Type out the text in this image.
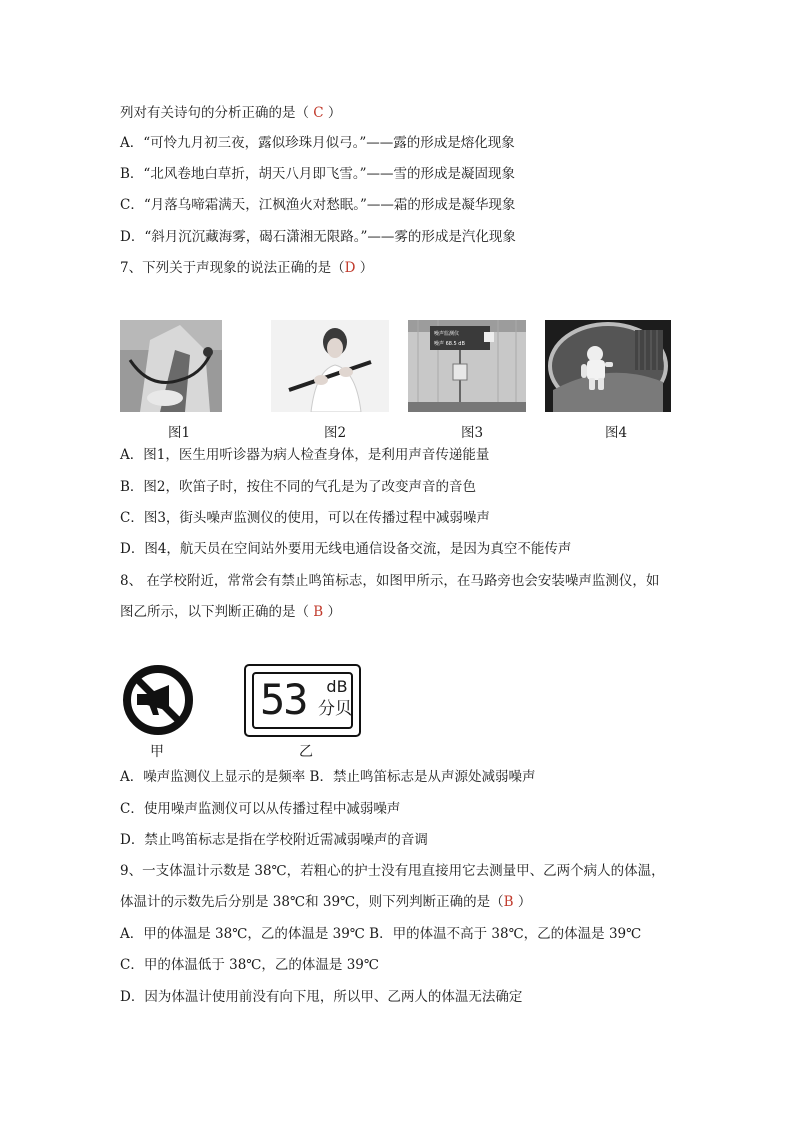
列对有关诗句的分析正确的是（ C ）
A．“可怜九月初三夜，露似珍珠月似弓。”——露的形成是熔化现象
B．“北风卷地白草折，胡天八月即飞雪。”——雪的形成是凝固现象
C．“月落乌啼霜满天，江枫渔火对愁眠。”——霜的形成是凝华现象
D．“斜月沉沉藏海雾，碣石潇湘无限路。”——雾的形成是汽化现象
7、下列关于声现象的说法正确的是（D ）
噪声监测仪
噪声 68.5 dB
图1	图2	图3	图4
A．图1，医生用听诊器为病人检查身体，是利用声音传递能量
B．图2，吹笛子时，按住不同的气孔是为了改变声音的音色
C．图3，街头噪声监测仪的使用，可以在传播过程中减弱噪声
D．图4，航天员在空间站外要用无线电通信设备交流，是因为真空不能传声
8、 在学校附近，常常会有禁止鸣笛标志，如图甲所示，在马路旁也会安装噪声监测仪，如
图乙所示，以下判断正确的是（ B ）
甲
53	dB
分贝
乙
A．噪声监测仪上显示的是频率 B．禁止鸣笛标志是从声源处减弱噪声
C．使用噪声监测仪可以从传播过程中减弱噪声
D．禁止鸣笛标志是指在学校附近需减弱噪声的音调
9、一支体温计示数是 38℃，若粗心的护士没有甩直接用它去测量甲、乙两个病人的体温，
体温计的示数先后分别是 38℃和 39℃，则下列判断正确的是（B ）
A．甲的体温是 38℃，乙的体温是 39℃ B．甲的体温不高于 38℃，乙的体温是 39℃
C．甲的体温低于 38℃，乙的体温是 39℃
D．因为体温计使用前没有向下甩，所以甲、乙两人的体温无法确定
